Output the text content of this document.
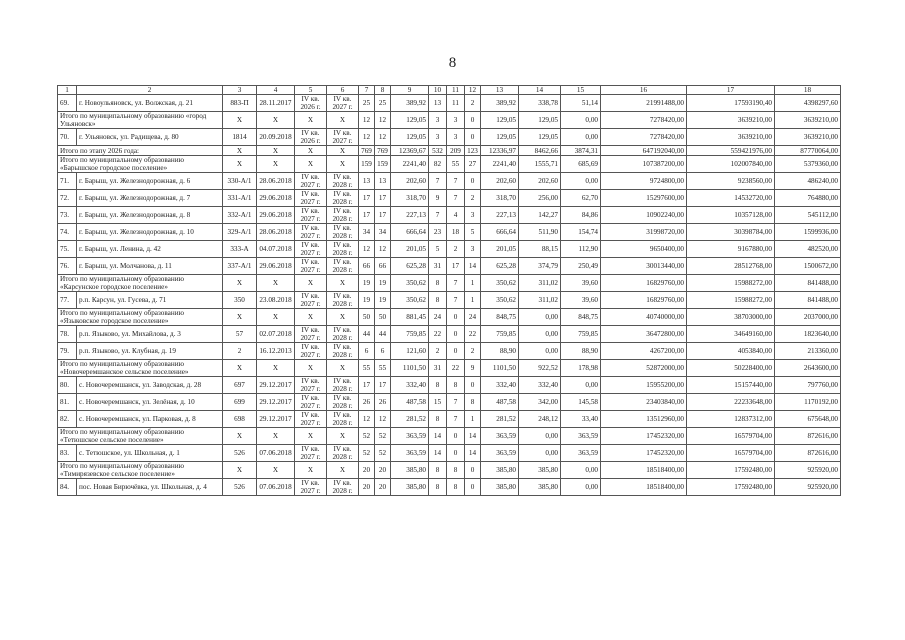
8
1	2	3	4	5	6	7	8	9	10	11	12	13	14	15	16	17	18
69.	г. Новоульяновск, ул. Волжская, д. 21	883-П	28.11.2017	IV кв. 2026 г.	IV кв. 2027 г.	25	25	389,92	13	11	2	389,92	338,78	51,14	21991488,00	17593190,40	4398297,60
Итого по муниципальному образованию «город Ульяновск»		X	X	X	X	12	12	129,05	3	3	0	129,05	129,05	0,00	7278420,00	3639210,00	3639210,00
70.	г. Ульяновск, ул. Радищева, д. 80	1814	20.09.2018	IV кв. 2026 г.	IV кв. 2027 г.	12	12	129,05	3	3	0	129,05	129,05	0,00	7278420,00	3639210,00	3639210,00
Итого по этапу 2026 года:		X	X	X	X	769	769	12369,67	532	209	123	12336,97	8462,66	3874,31	647192040,00	559421976,00	87770064,00
Итого по муниципальному образованию «Барышское городское поселение»		X	X	X	X	159	159	2241,40	82	55	27	2241,40	1555,71	685,69	107387200,00	102007840,00	5379360,00
71.	г. Барыш, ул. Железнодорожная, д. 6	330-А/1	28.06.2018	IV кв. 2027 г.	IV кв. 2028 г.	13	13	202,60	7	7	0	202,60	202,60	0,00	9724800,00	9238560,00	486240,00
72.	г. Барыш, ул. Железнодорожная, д. 7	331-А/1	29.06.2018	IV кв. 2027 г.	IV кв. 2028 г.	17	17	318,70	9	7	2	318,70	256,00	62,70	15297600,00	14532720,00	764880,00
73.	г. Барыш, ул. Железнодорожная, д. 8	332-А/1	29.06.2018	IV кв. 2027 г.	IV кв. 2028 г.	17	17	227,13	7	4	3	227,13	142,27	84,86	10902240,00	10357128,00	545112,00
74.	г. Барыш, ул. Железнодорожная, д. 10	329-А/1	28.06.2018	IV кв. 2027 г.	IV кв. 2028 г.	34	34	666,64	23	18	5	666,64	511,90	154,74	31998720,00	30398784,00	1599936,00
75.	г. Барыш, ул. Ленина, д. 42	333-А	04.07.2018	IV кв. 2027 г.	IV кв. 2028 г.	12	12	201,05	5	2	3	201,05	88,15	112,90	9650400,00	9167880,00	482520,00
76.	г. Барыш, ул. Молчанова, д. 11	337-А/1	29.06.2018	IV кв. 2027 г.	IV кв. 2028 г.	66	66	625,28	31	17	14	625,28	374,79	250,49	30013440,00	28512768,00	1500672,00
Итого по муниципальному образованию «Карсунское городское поселение»		X	X	X	X	19	19	350,62	8	7	1	350,62	311,02	39,60	16829760,00	15988272,00	841488,00
77.	р.п. Карсун, ул. Гусева, д. 71	350	23.08.2018	IV кв. 2027 г.	IV кв. 2028 г.	19	19	350,62	8	7	1	350,62	311,02	39,60	16829760,00	15988272,00	841488,00
Итого по муниципальному образованию «Языковское городское поселение»		X	X	X	X	50	50	881,45	24	0	24	848,75	0,00	848,75	40740000,00	38703000,00	2037000,00
78.	р.п. Языково, ул. Михайлова, д. 3	57	02.07.2018	IV кв. 2027 г.	IV кв. 2028 г.	44	44	759,85	22	0	22	759,85	0,00	759,85	36472800,00	34649160,00	1823640,00
79.	р.п. Языково, ул. Клубная, д. 19	2	16.12.2013	IV кв. 2027 г.	IV кв. 2028 г.	6	6	121,60	2	0	2	88,90	0,00	88,90	4267200,00	4053840,00	213360,00
Итого по муниципальному образованию «Новочеремшанское сельское поселение»		X	X	X	X	55	55	1101,50	31	22	9	1101,50	922,52	178,98	52872000,00	50228400,00	2643600,00
80.	с. Новочеремшанск, ул. Заводская, д. 28	697	29.12.2017	IV кв. 2027 г.	IV кв. 2028 г.	17	17	332,40	8	8	0	332,40	332,40	0,00	15955200,00	15157440,00	797760,00
81.	с. Новочеремшанск, ул. Зелёная, д. 10	699	29.12.2017	IV кв. 2027 г.	IV кв. 2028 г.	26	26	487,58	15	7	8	487,58	342,00	145,58	23403840,00	22233648,00	1170192,00
82.	с. Новочеремшанск, ул. Парковая, д. 8	698	29.12.2017	IV кв. 2027 г.	IV кв. 2028 г.	12	12	281,52	8	7	1	281,52	248,12	33,40	13512960,00	12837312,00	675648,00
Итого по муниципальному образованию «Тетюшское сельское поселение»		X	X	X	X	52	52	363,59	14	0	14	363,59	0,00	363,59	17452320,00	16579704,00	872616,00
83.	с. Тетюшское, ул. Школьная, д. 1	526	07.06.2018	IV кв. 2027 г.	IV кв. 2028 г.	52	52	363,59	14	0	14	363,59	0,00	363,59	17452320,00	16579704,00	872616,00
Итого по муниципальному образованию «Тимирязевское сельское поселение»		X	X	X	X	20	20	385,80	8	8	0	385,80	385,80	0,00	18518400,00	17592480,00	925920,00
84.	пос. Новая Бирючёвка, ул. Школьная, д. 4	526	07.06.2018	IV кв. 2027 г.	IV кв. 2028 г.	20	20	385,80	8	8	0	385,80	385,80	0,00	18518400,00	17592480,00	925920,00
